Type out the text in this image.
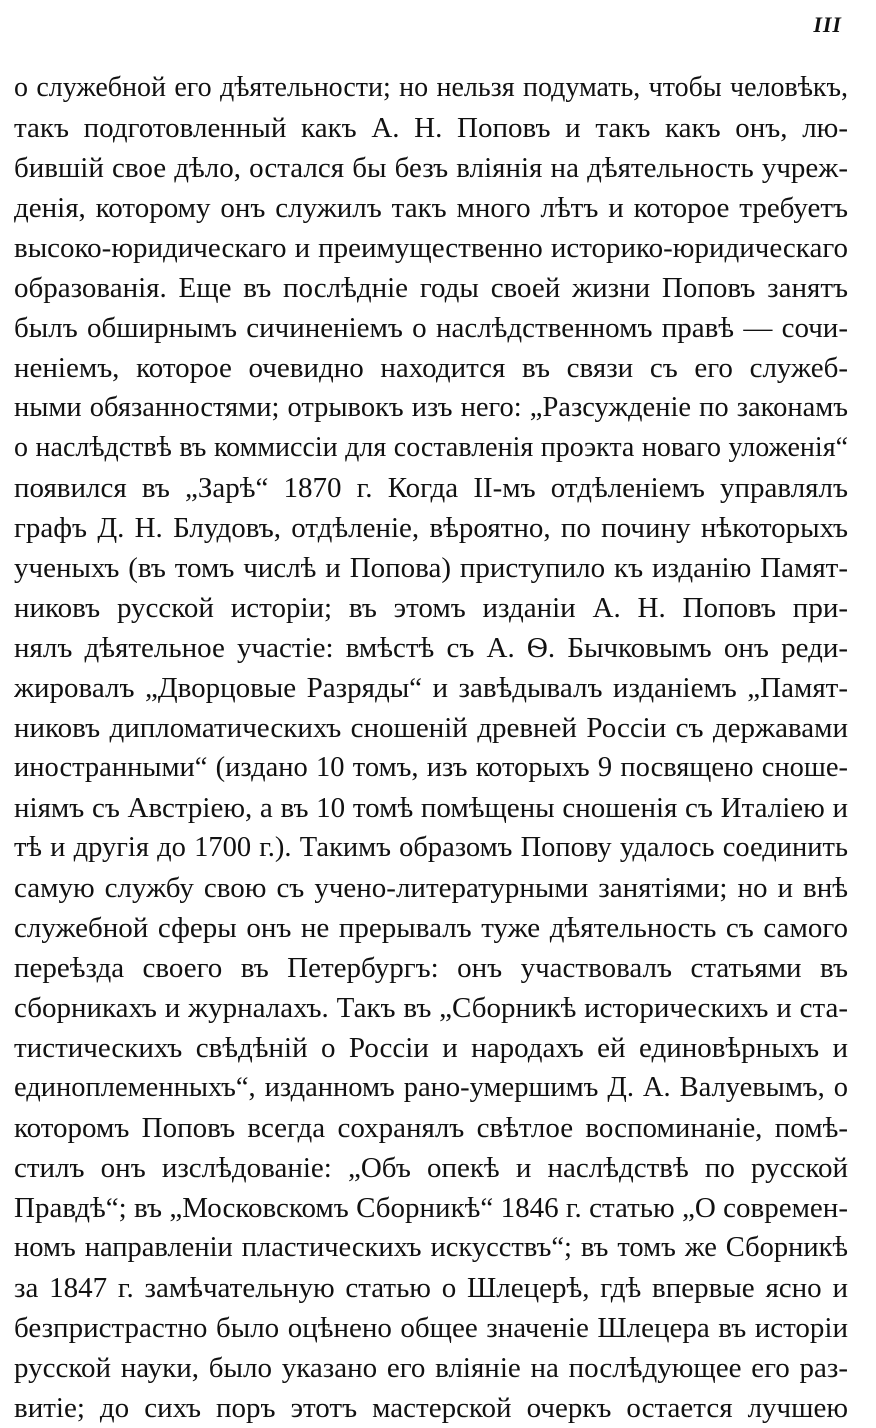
III
о служебной его дѣятельности; но нельзя подумать, чтобы человѣкъ,
такъ подготовленный какъ А. Н. Поповъ и такъ какъ онъ, лю-
бившій свое дѣло, остался бы безъ вліянія на дѣятельность учреж-
денія, которому онъ служилъ такъ много лѣтъ и которое требуетъ
высоко-юридическаго и преимущественно историко-юридическаго
образованія. Еще въ послѣдніе годы своей жизни Поповъ занятъ
былъ обширнымъ сичиненіемъ о наслѣдственномъ правѣ — сочи-
неніемъ, которое очевидно находится въ связи съ его служеб-
ными обязанностями; отрывокъ изъ него: „Разсужденіе по законамъ
о наслѣдствѣ въ коммиссіи для составленія проэкта новаго уложенія“
появился въ „Зарѣ“ 1870 г. Когда II-мъ отдѣленіемъ управлялъ
графъ Д. Н. Блудовъ, отдѣленіе, вѣроятно, по почину нѣкоторыхъ
ученыхъ (въ томъ числѣ и Попова) приступило къ изданію Памят-
никовъ русской исторіи; въ этомъ изданіи А. Н. Поповъ при-
нялъ дѣятельное участіе: вмѣстѣ съ А. Ѳ. Бычковымъ онъ реди-
жировалъ „Дворцовые Разряды“ и завѣдывалъ изданіемъ „Памят-
никовъ дипломатическихъ сношеній древней Россіи съ державами
иностранными“ (издано 10 томъ, изъ которыхъ 9 посвящено сноше-
ніямъ съ Австріею, а въ 10 томѣ помѣщены сношенія съ Италіею и
тѣ и другія до 1700 г.). Такимъ образомъ Попову удалось соединить
самую службу свою съ учено-литературными занятіями; но и внѣ
служебной сферы онъ не прерывалъ туже дѣятельность съ самого
переѣзда своего въ Петербургъ: онъ участвовалъ статьями въ
сборникахъ и журналахъ. Такъ въ „Сборникѣ историческихъ и ста-
тистическихъ свѣдѣній о Россіи и народахъ ей единовѣрныхъ и
единоплеменныхъ“, изданномъ рано-умершимъ Д. А. Валуевымъ, о
которомъ Поповъ всегда сохранялъ свѣтлое воспоминаніе, помѣ-
стилъ онъ изслѣдованіе: „Объ опекѣ и наслѣдствѣ по русской
Правдѣ“; въ „Московскомъ Сборникѣ“ 1846 г. статью „О современ-
номъ направленіи пластическихъ искусствъ“; въ томъ же Сборникѣ
за 1847 г. замѣчательную статью о Шлецерѣ, гдѣ впервые ясно и
безпристрастно было оцѣнено общее значеніе Шлецера въ исторіи
русской науки, было указано его вліяніе на послѣдующее его раз-
витіе; до сихъ поръ этотъ мастерской очеркъ остается лучшею
